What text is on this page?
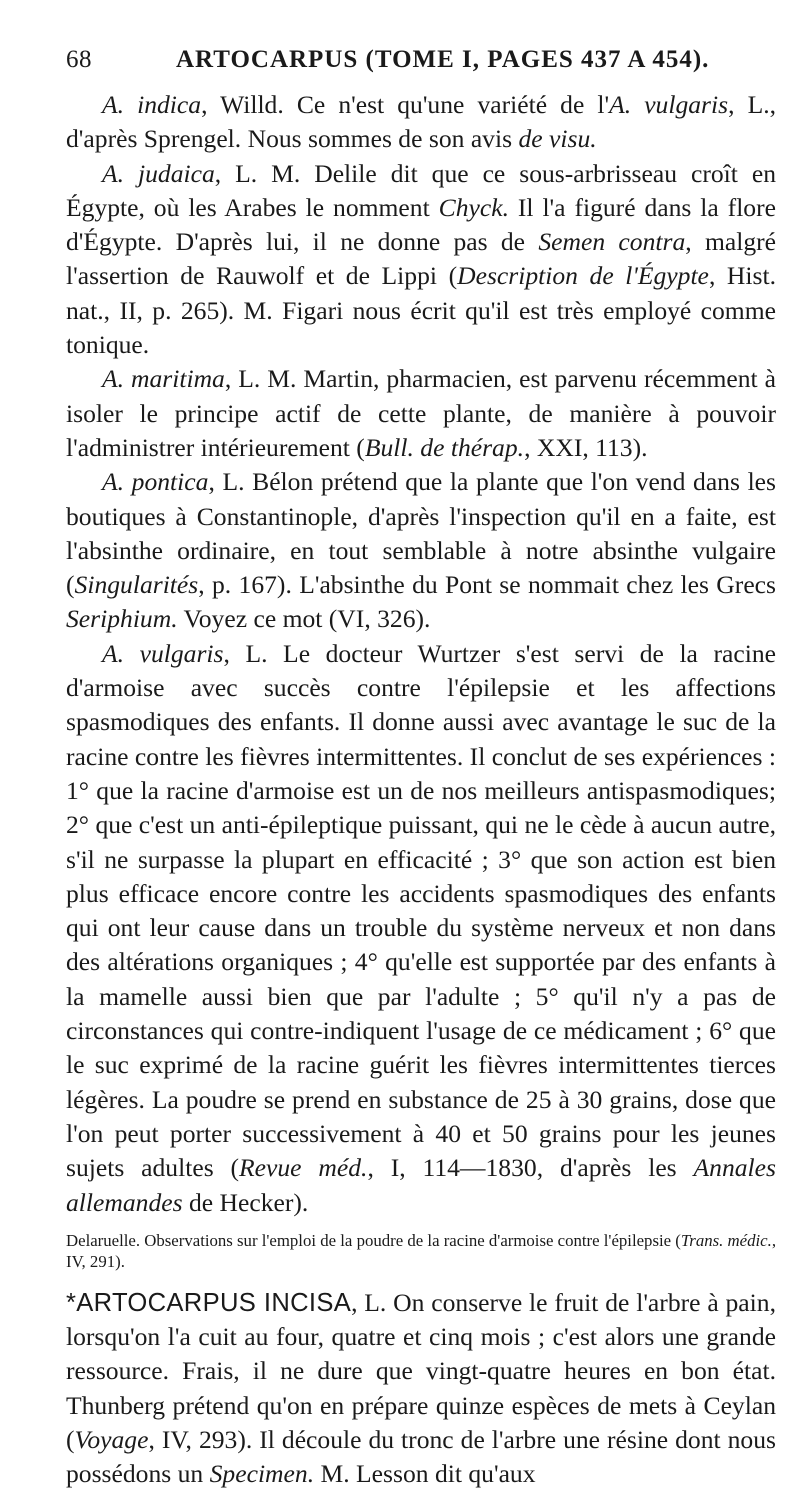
68	ARTOCARPUS (TOME I, PAGES 437 A 454).

A. indica, Willd. Ce n'est qu'une variété de l'A. vulgaris, L., d'après Sprengel. Nous sommes de son avis de visu.

A. judaica, L. M. Delile dit que ce sous-arbrisseau croît en Égypte, où les Arabes le nomment Chyck. Il l'a figuré dans la flore d'Égypte. D'après lui, il ne donne pas de Semen contra, malgré l'assertion de Rauwolf et de Lippi (Description de l'Égypte, Hist. nat., II, p. 265). M. Figari nous écrit qu'il est très employé comme tonique.

A. maritima, L. M. Martin, pharmacien, est parvenu récemment à isoler le principe actif de cette plante, de manière à pouvoir l'administrer intérieurement (Bull. de thérap., XXI, 113).

A. pontica, L. Bélon prétend que la plante que l'on vend dans les boutiques à Constantinople, d'après l'inspection qu'il en a faite, est l'absinthe ordinaire, en tout semblable à notre absinthe vulgaire (Singularités, p. 167). L'absinthe du Pont se nommait chez les Grecs Seriphium. Voyez ce mot (VI, 326).

A. vulgaris, L. Le docteur Wurtzer s'est servi de la racine d'armoise avec succès contre l'épilepsie et les affections spasmodiques des enfants. Il donne aussi avec avantage le suc de la racine contre les fièvres intermittentes. Il conclut de ses expériences : 1° que la racine d'armoise est un de nos meilleurs antispasmodiques; 2° que c'est un anti-épileptique puissant, qui ne le cède à aucun autre, s'il ne surpasse la plupart en efficacité ; 3° que son action est bien plus efficace encore contre les accidents spasmodiques des enfants qui ont leur cause dans un trouble du système nerveux et non dans des altérations organiques ; 4° qu'elle est supportée par des enfants à la mamelle aussi bien que par l'adulte ; 5° qu'il n'y a pas de circonstances qui contre-indiquent l'usage de ce médicament ; 6° que le suc exprimé de la racine guérit les fièvres intermittentes tierces légères. La poudre se prend en substance de 25 à 30 grains, dose que l'on peut porter successivement à 40 et 50 grains pour les jeunes sujets adultes (Revue méd., I, 114—1830, d'après les Annales allemandes de Hecker).

Delaruelle. Observations sur l'emploi de la poudre de la racine d'armoise contre l'épilepsie (Trans. médic., IV, 291).

*ARTOCARPUS INCISA, L. On conserve le fruit de l'arbre à pain, lorsqu'on l'a cuit au four, quatre et cinq mois ; c'est alors une grande ressource. Frais, il ne dure que vingt-quatre heures en bon état. Thunberg prétend qu'on en prépare quinze espèces de mets à Ceylan (Voyage, IV, 293). Il découle du tronc de l'arbre une résine dont nous possédons un Specimen. M. Lesson dit qu'aux
